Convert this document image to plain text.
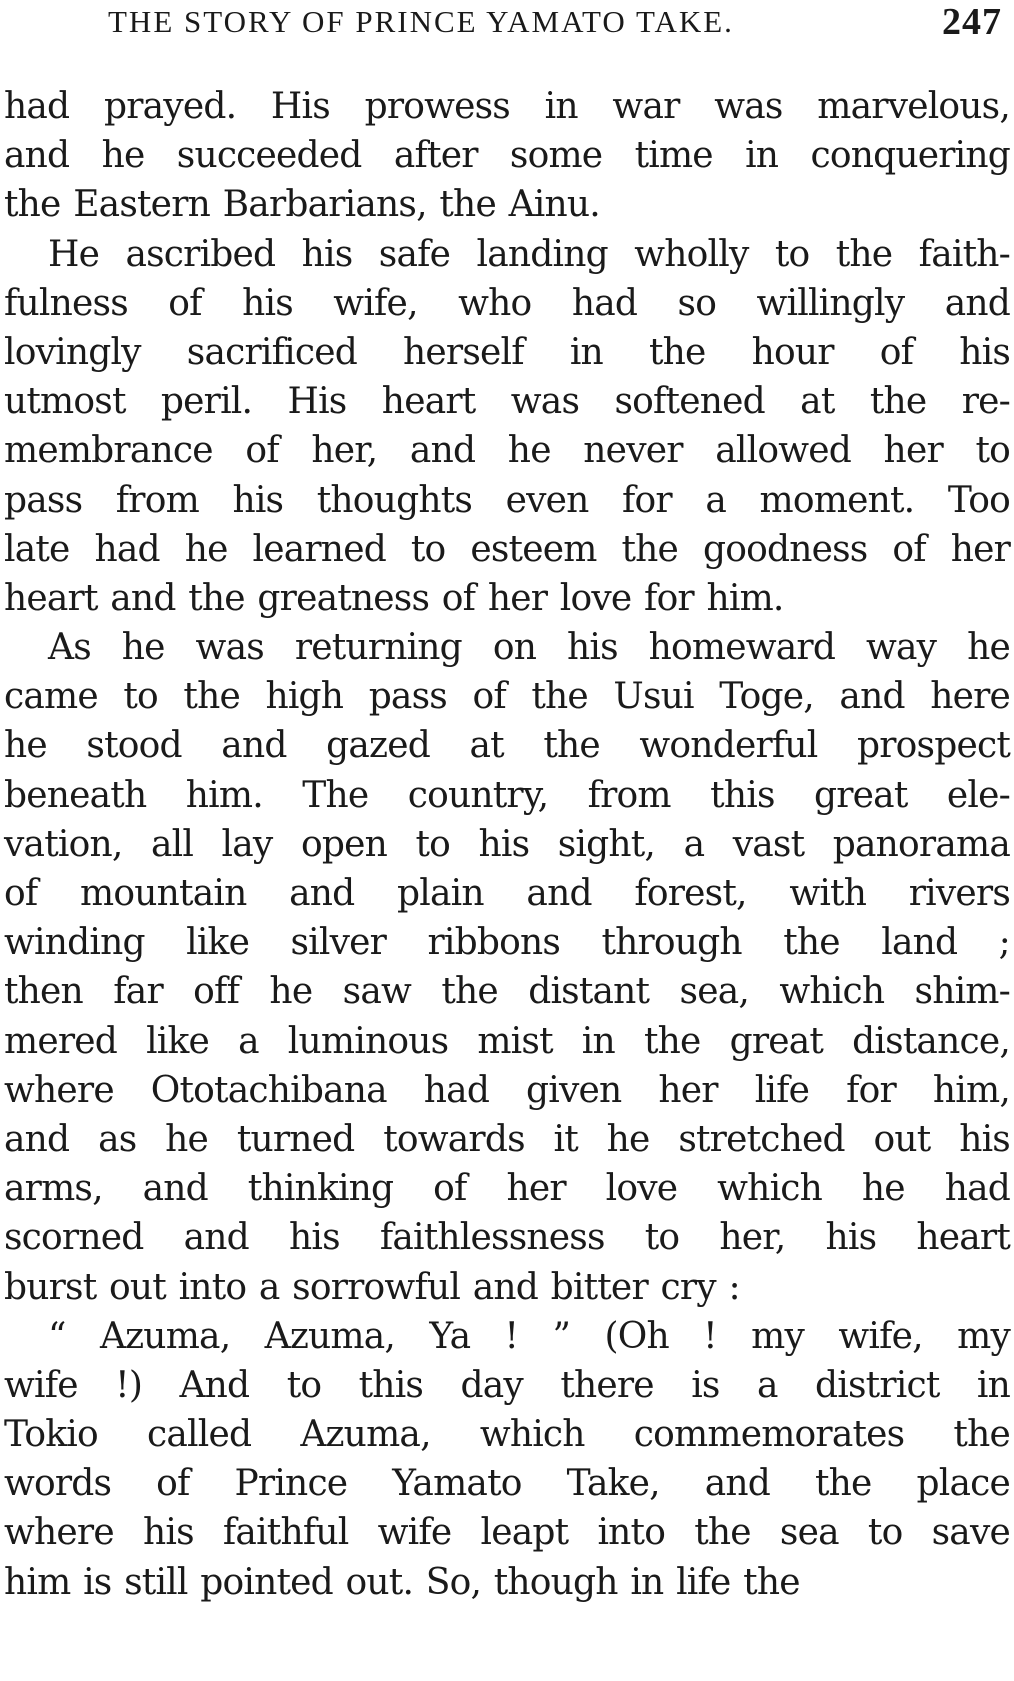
THE STORY OF PRINCE YAMATO TAKE.	247
had prayed. His prowess in war was marvelous,
and he succeeded after some time in conquering
the Eastern Barbarians, the Ainu.
He ascribed his safe landing wholly to the faith-
fulness of his wife, who had so willingly and
lovingly sacrificed herself in the hour of his
utmost peril. His heart was softened at the re-
membrance of her, and he never allowed her to
pass from his thoughts even for a moment. Too
late had he learned to esteem the goodness of her
heart and the greatness of her love for him.
As he was returning on his homeward way he
came to the high pass of the Usui Toge, and here
he stood and gazed at the wonderful prospect
beneath him. The country, from this great ele-
vation, all lay open to his sight, a vast panorama
of mountain and plain and forest, with rivers
winding like silver ribbons through the land ;
then far off he saw the distant sea, which shim-
mered like a luminous mist in the great distance,
where Ototachibana had given her life for him,
and as he turned towards it he stretched out his
arms, and thinking of her love which he had
scorned and his faithlessness to her, his heart
burst out into a sorrowful and bitter cry :
“ Azuma, Azuma, Ya ! ” (Oh ! my wife, my
wife !) And to this day there is a district in
Tokio called Azuma, which commemorates the
words of Prince Yamato Take, and the place
where his faithful wife leapt into the sea to save
him is still pointed out. So, though in life the
